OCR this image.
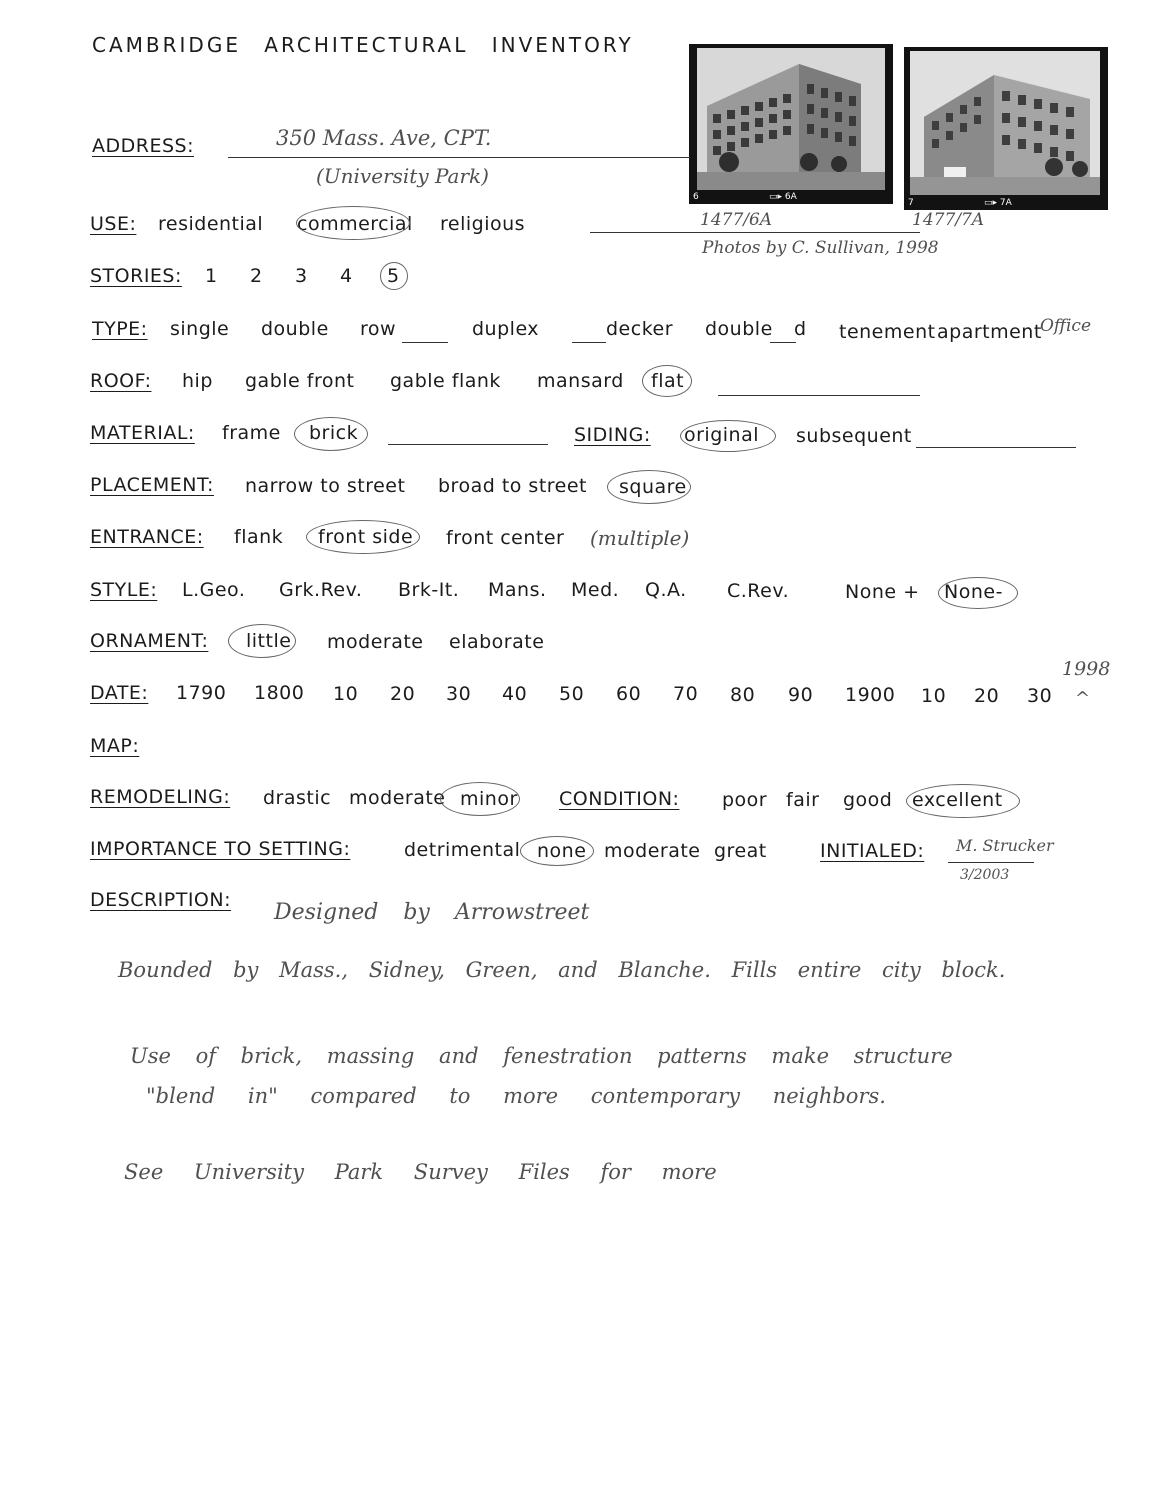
CAMBRIDGE ARCHITECTURAL INVENTORY
6	▭▸ 6A
7	▭▸ 7A
ADDRESS:	350 Mass. Ave, CPT.
(University Park)
1477/6A	1477/7A
Photos by C. Sullivan, 1998
USE: residential commercial religious
STORIES: 1 2 3 4 5
TYPE: single double row	duplex	decker double d tenement apartment
Office
ROOF: hip gable front gable flank mansard flat
MATERIAL: frame brick	SIDING: original subsequent
PLACEMENT: narrow to street broad to street square
ENTRANCE: flank front side front center (multiple)
STYLE: L.Geo. Grk.Rev. Brk-It. Mans. Med. Q.A. C.Rev.	None + None-
ORNAMENT: little moderate elaborate
DATE: 1790 1800 10 20 30 40 50 60 70 80 90 1900 10 20 30 ^
1998
MAP:
REMODELING: drastic moderate minor CONDITION: poor fair good excellent
IMPORTANCE TO SETTING:	detrimental none moderate great	INITIALED: M. Strucker
3/2003
DESCRIPTION: Designed by Arrowstreet
Bounded by Mass., Sidney, Green, and Blanche. Fills entire city block.
Use of brick, massing and fenestration patterns make structure
"blend in" compared to more contemporary neighbors.
See University Park Survey Files for more
